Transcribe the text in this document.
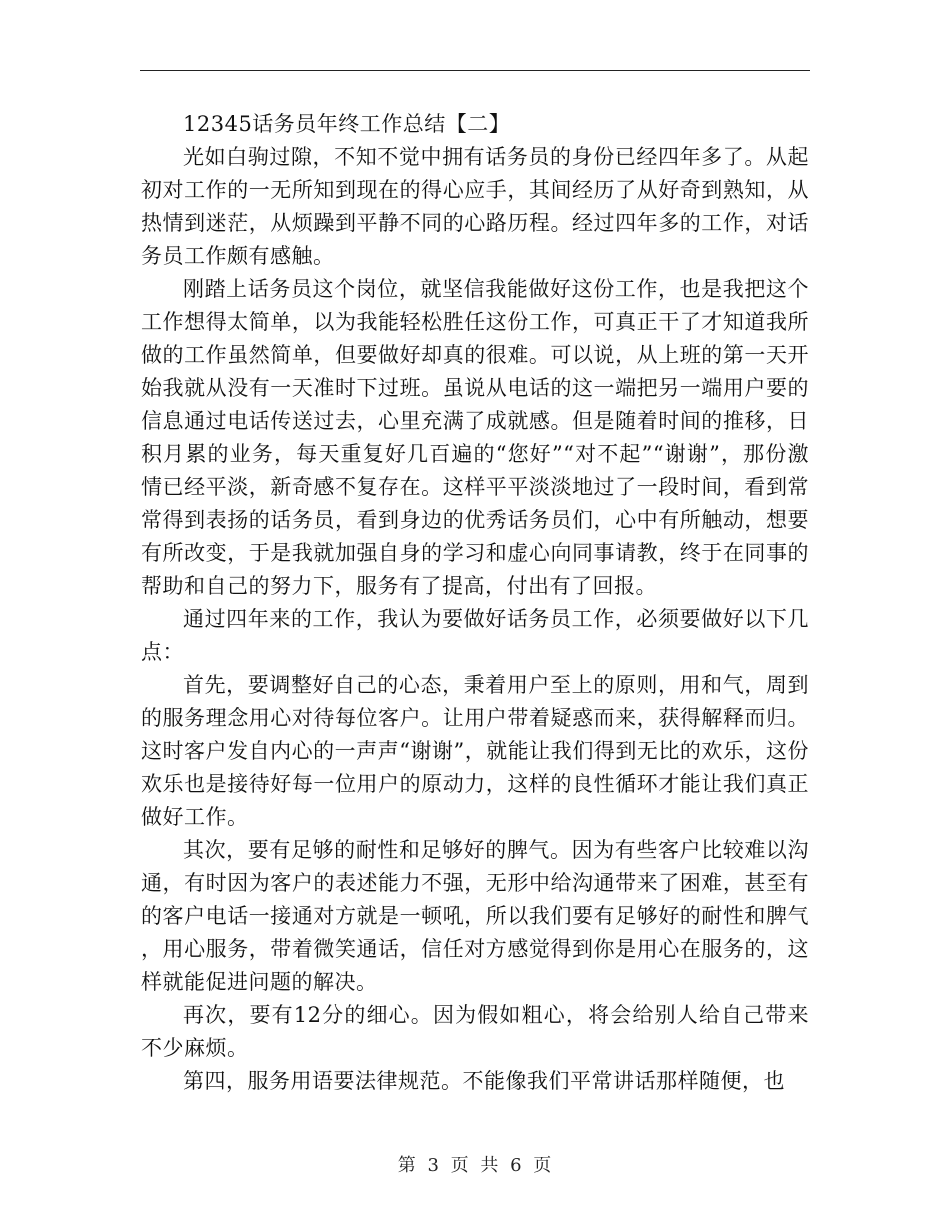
12345话务员年终工作总结【二】

光如白驹过隙，不知不觉中拥有话务员的身份已经四年多了。从起初对工作的一无所知到现在的得心应手，其间经历了从好奇到熟知，从热情到迷茫，从烦躁到平静不同的心路历程。经过四年多的工作，对话务员工作颇有感触。

刚踏上话务员这个岗位，就坚信我能做好这份工作，也是我把这个工作想得太简单，以为我能轻松胜任这份工作，可真正干了才知道我所做的工作虽然简单，但要做好却真的很难。可以说，从上班的第一天开始我就从没有一天准时下过班。虽说从电话的这一端把另一端用户要的信息通过电话传送过去，心里充满了成就感。但是随着时间的推移，日积月累的业务，每天重复好几百遍的“您好”“对不起”“谢谢”，那份激情已经平淡，新奇感不复存在。这样平平淡淡地过了一段时间，看到常常得到表扬的话务员，看到身边的优秀话务员们，心中有所触动，想要有所改变，于是我就加强自身的学习和虚心向同事请教，终于在同事的帮助和自己的努力下，服务有了提高，付出有了回报。

通过四年来的工作，我认为要做好话务员工作，必须要做好以下几点：

首先，要调整好自己的心态，秉着用户至上的原则，用和气，周到的服务理念用心对待每位客户。让用户带着疑惑而来，获得解释而归。这时客户发自内心的一声声“谢谢”，就能让我们得到无比的欢乐，这份欢乐也是接待好每一位用户的原动力，这样的良性循环才能让我们真正做好工作。

其次，要有足够的耐性和足够好的脾气。因为有些客户比较难以沟通，有时因为客户的表述能力不强，无形中给沟通带来了困难，甚至有的客户电话一接通对方就是一顿吼，所以我们要有足够好的耐性和脾气，用心服务，带着微笑通话，信任对方感觉得到你是用心在服务的，这样就能促进问题的解决。

再次，要有12分的细心。因为假如粗心，将会给别人给自己带来不少麻烦。

第四，服务用语要法律规范。不能像我们平常讲话那样随便，也

第 3 页 共 6 页
